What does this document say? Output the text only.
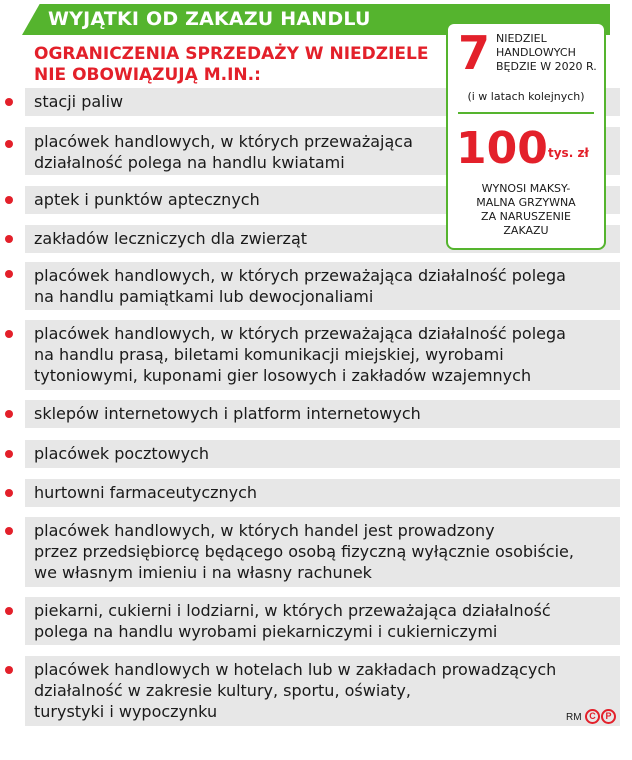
WYJĄTKI OD ZAKAZU HANDLU
OGRANICZENIA SPRZEDAŻY W NIEDZIELE
NIE OBOWIĄZUJĄ M.IN.:
stacji paliw
placówek handlowych, w których przeważająca
działalność polega na handlu kwiatami
aptek i punktów aptecznych
zakładów leczniczych dla zwierząt
placówek handlowych, w których przeważająca działalność polega
na handlu pamiątkami lub dewocjonaliami
placówek handlowych, w których przeważająca działalność polega
na handlu prasą, biletami komunikacji miejskiej, wyrobami
tytoniowymi, kuponami gier losowych i zakładów wzajemnych
sklepów internetowych i platform internetowych
placówek pocztowych
hurtowni farmaceutycznych
placówek handlowych, w których handel jest prowadzony
przez przedsiębiorcę będącego osobą fizyczną wyłącznie osobiście,
we własnym imieniu i na własny rachunek
piekarni, cukierni i lodziarni, w których przeważająca działalność
polega na handlu wyrobami piekarniczymi i cukierniczymi
placówek handlowych w hotelach lub w zakładach prowadzących
działalność w zakresie kultury, sportu, oświaty,
turystyki i wypoczynku
7 NIEDZIEL
HANDLOWYCH
BĘDZIE W 2020 R.
(i w latach kolejnych)
100 tys. zł
WYNOSI MAKSY-
MALNA GRZYWNA
ZA NARUSZENIE
ZAKAZU
RM C	P
